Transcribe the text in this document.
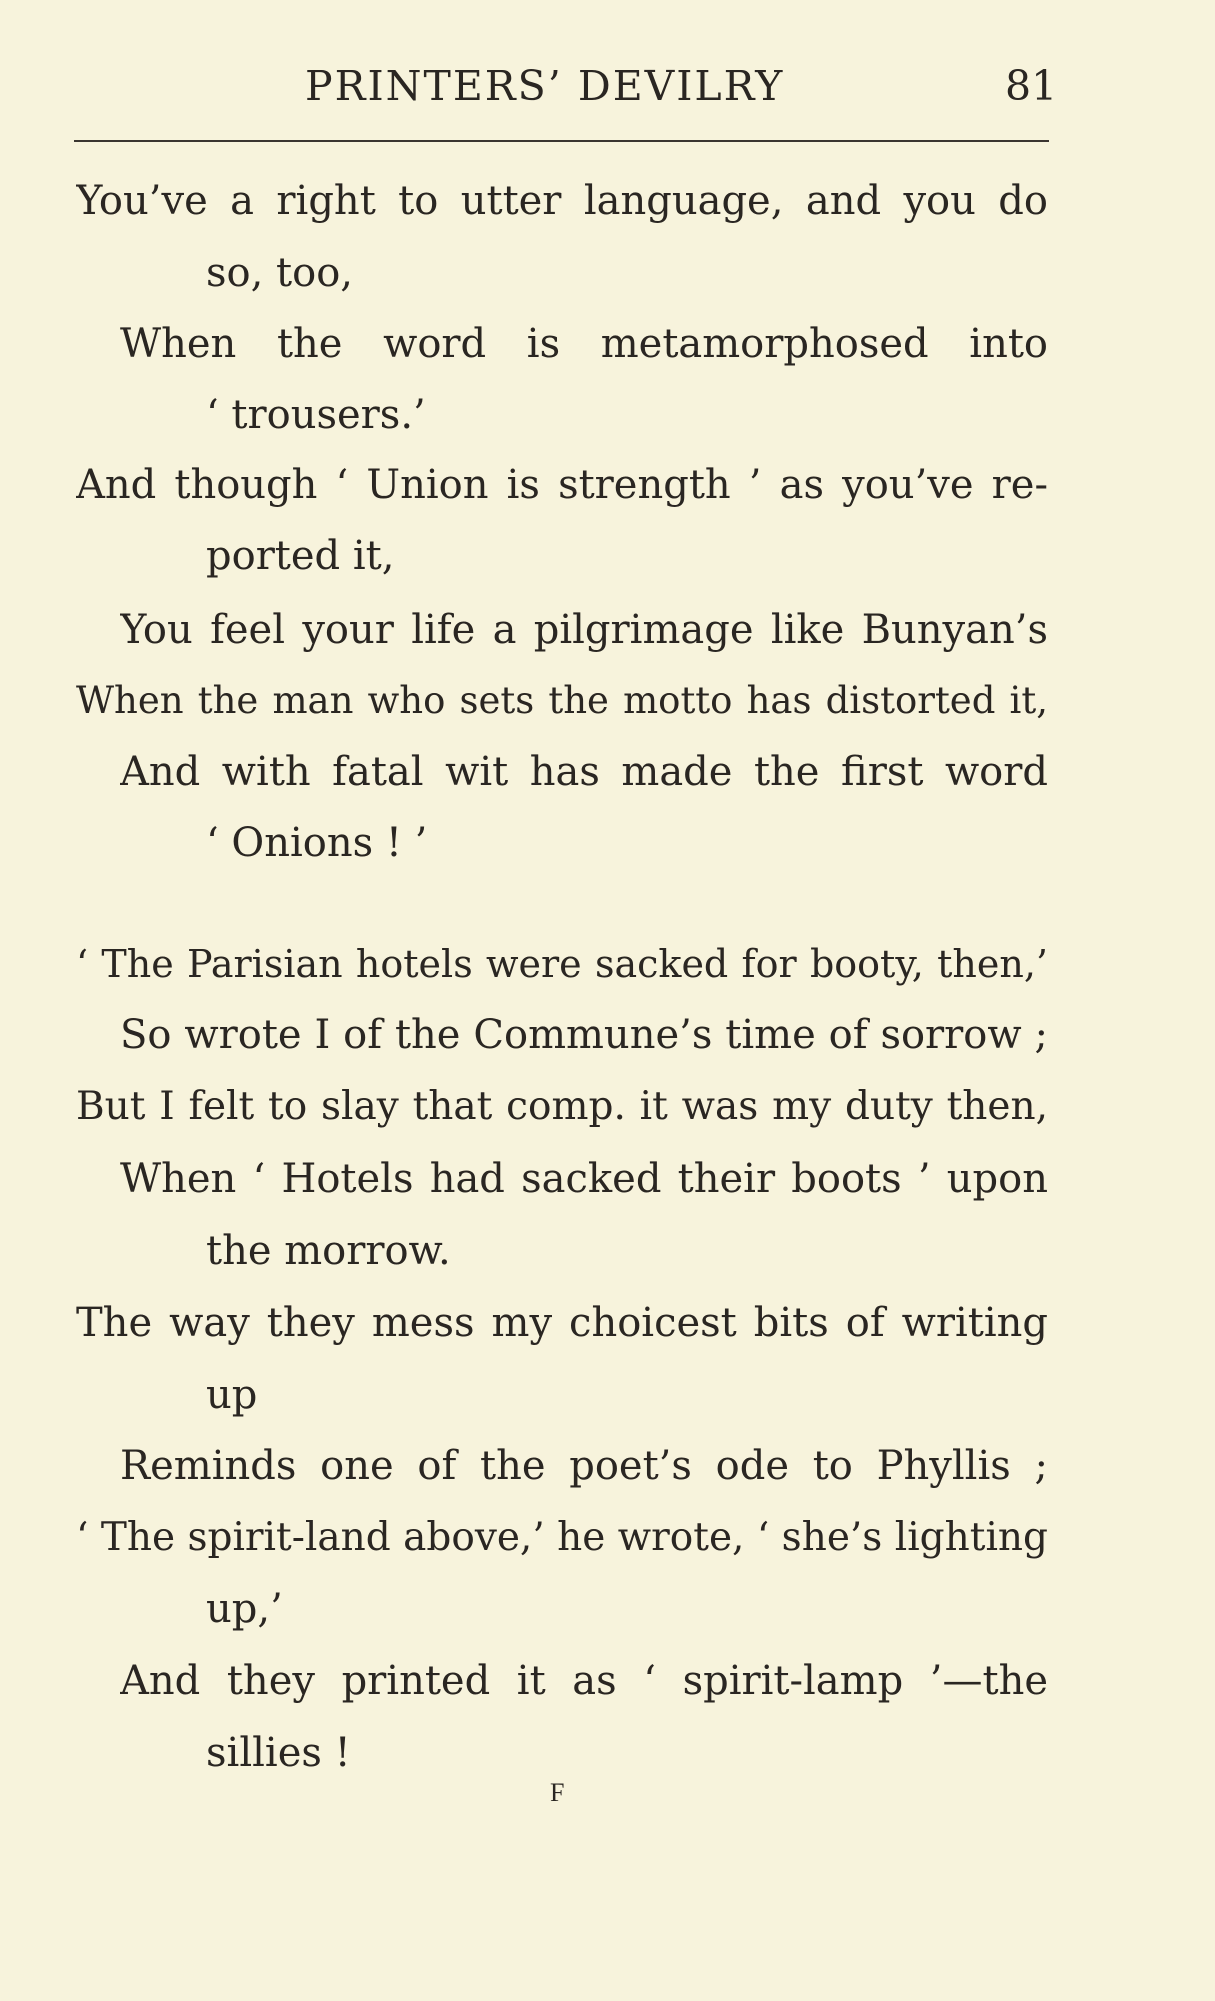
PRINTERS’ DEVILRY	81
You’ve a right to utter language, and you do
so, too,
When the word is metamorphosed into
‘ trousers.’
And though ‘ Union is strength ’ as you’ve re-
ported it,
You feel your life a pilgrimage like Bunyan’s
When the man who sets the motto has distorted it,
And with fatal wit has made the first word
‘ Onions ! ’
‘ The Parisian hotels were sacked for booty, then,’
So wrote I of the Commune’s time of sorrow ;
But I felt to slay that comp. it was my duty then,
When ‘ Hotels had sacked their boots ’ upon
the morrow.
The way they mess my choicest bits of writing
up
Reminds one of the poet’s ode to Phyllis ;
‘ The spirit-land above,’ he wrote, ‘ she’s lighting
up,’
And they printed it as ‘ spirit-lamp ’—the
sillies !
F
